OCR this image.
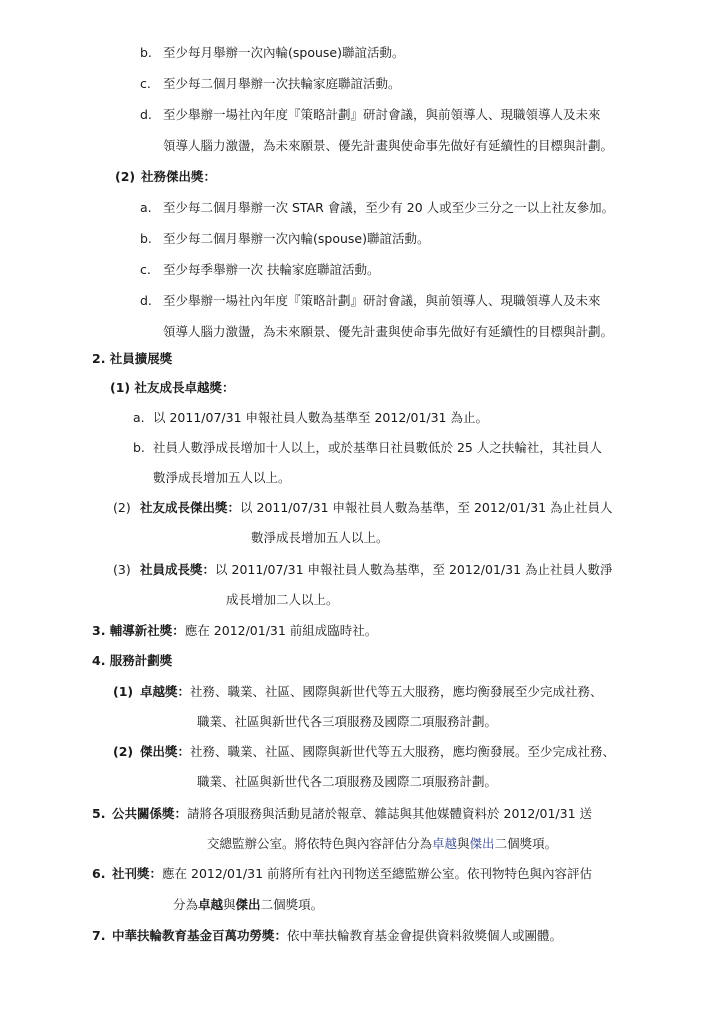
b. 至少每月舉辦一次內輪(spouse)聯誼活動。
c. 至少每二個月舉辦一次扶輪家庭聯誼活動。
d. 至少舉辦一場社內年度『策略計劃』研討會議，與前領導人、現職領導人及未來
領導人腦力激盪，為未來願景、優先計畫與使命事先做好有延續性的目標與計劃。
(2) 社務傑出獎：
a. 至少每二個月舉辦一次 STAR 會議，至少有 20 人或至少三分之一以上社友參加。
b. 至少每二個月舉辦一次內輪(spouse)聯誼活動。
c. 至少每季舉辦一次 扶輪家庭聯誼活動。
d. 至少舉辦一場社內年度『策略計劃』研討會議，與前領導人、現職領導人及未來
領導人腦力激盪，為未來願景、優先計畫與使命事先做好有延續性的目標與計劃。
2. 社員擴展獎
(1) 社友成長卓越獎：
a. 以 2011/07/31 申報社員人數為基準至 2012/01/31 為止。
b. 社員人數淨成長增加十人以上，或於基準日社員數低於 25 人之扶輪社，其社員人
數淨成長增加五人以上。
(2) 社友成長傑出獎：以 2011/07/31 申報社員人數為基準，至 2012/01/31 為止社員人
數淨成長增加五人以上。
(3) 社員成長獎：以 2011/07/31 申報社員人數為基準，至 2012/01/31 為止社員人數淨
成長增加二人以上。
3. 輔導新社獎：應在 2012/01/31 前組成臨時社。
4. 服務計劃獎
(1) 卓越獎：社務、職業、社區、國際與新世代等五大服務，應均衡發展至少完成社務、
職業、社區與新世代各三項服務及國際二項服務計劃。
(2) 傑出獎：社務、職業、社區、國際與新世代等五大服務，應均衡發展。至少完成社務、
職業、社區與新世代各二項服務及國際二項服務計劃。
5. 公共關係獎：請將各項服務與活動見諸於報章、雜誌與其他媒體資料於 2012/01/31 送
交總監辦公室。將依特色與內容評估分為卓越與傑出二個獎項。
6. 社刊獎：應在 2012/01/31 前將所有社內刊物送至總監辦公室。依刊物特色與內容評估
分為卓越與傑出二個獎項。
7. 中華扶輪教育基金百萬功勞獎：依中華扶輪教育基金會提供資料敘獎個人或團體。
